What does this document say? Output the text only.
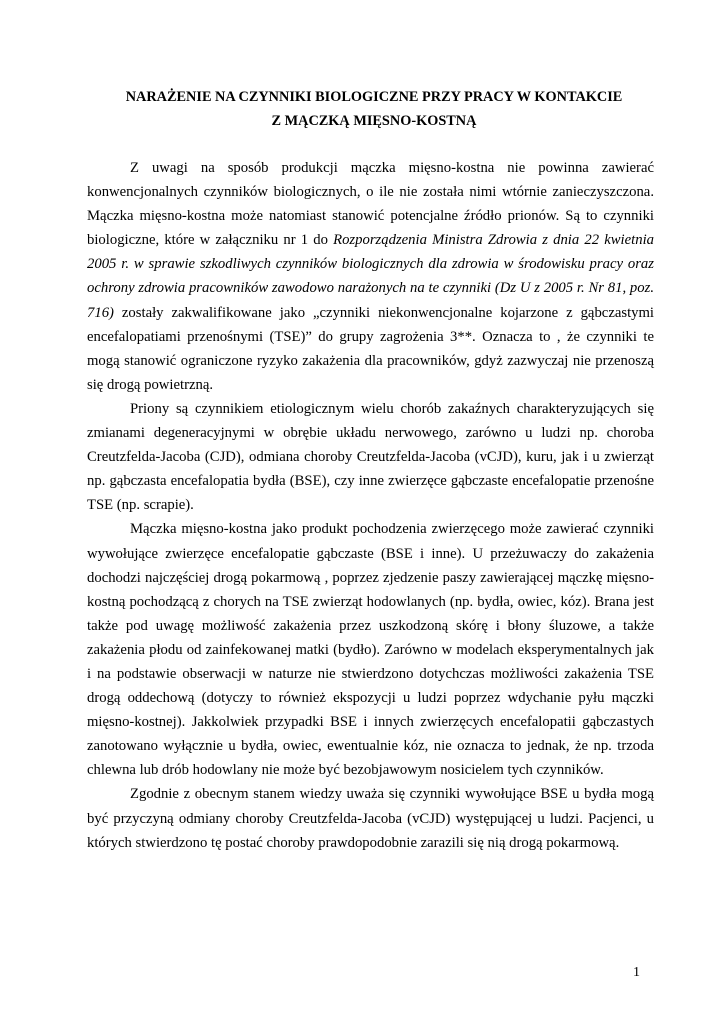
NARAŻENIE NA CZYNNIKI BIOLOGICZNE PRZY PRACY W KONTAKCIE
Z MĄCZKĄ MIĘSNO-KOSTNĄ

Z uwagi na sposób produkcji mączka mięsno-kostna nie powinna zawierać konwencjonalnych czynników biologicznych, o ile nie została nimi wtórnie zanieczyszczona. Mączka mięsno-kostna może natomiast stanowić potencjalne źródło prionów. Są to czynniki biologiczne, które w załączniku nr 1 do Rozporządzenia Ministra Zdrowia z dnia 22 kwietnia 2005 r. w sprawie szkodliwych czynników biologicznych dla zdrowia w środowisku pracy oraz ochrony zdrowia pracowników zawodowo narażonych na te czynniki (Dz U z 2005 r. Nr 81, poz. 716) zostały zakwalifikowane jako „czynniki niekonwencjonalne kojarzone z gąbczastymi encefalopatiami przenośnymi (TSE)” do grupy zagrożenia 3**. Oznacza to , że czynniki te mogą stanowić ograniczone ryzyko zakażenia dla pracowników, gdyż zazwyczaj nie przenoszą się drogą powietrzną.

Priony są czynnikiem etiologicznym wielu chorób zakaźnych charakteryzujących się zmianami degeneracyjnymi w obrębie układu nerwowego, zarówno u ludzi np. choroba Creutzfelda-Jacoba (CJD), odmiana choroby Creutzfelda-Jacoba (vCJD), kuru, jak i u zwierząt np. gąbczasta encefalopatia bydła (BSE), czy inne zwierzęce gąbczaste encefalopatie przenośne TSE (np. scrapie).

Mączka mięsno-kostna jako produkt pochodzenia zwierzęcego może zawierać czynniki wywołujące zwierzęce encefalopatie gąbczaste (BSE i inne). U przeżuwaczy do zakażenia dochodzi najczęściej drogą pokarmową , poprzez zjedzenie paszy zawierającej mączkę mięsno-kostną pochodzącą z chorych na TSE zwierząt hodowlanych (np. bydła, owiec, kóz). Brana jest także pod uwagę możliwość zakażenia przez uszkodzoną skórę i błony śluzowe, a także zakażenia płodu od zainfekowanej matki (bydło). Zarówno w modelach eksperymentalnych jak i na podstawie obserwacji w naturze nie stwierdzono dotychczas możliwości zakażenia TSE drogą oddechową (dotyczy to również ekspozycji u ludzi poprzez wdychanie pyłu mączki mięsno-kostnej). Jakkolwiek przypadki BSE i innych zwierzęcych encefalopatii gąbczastych zanotowano wyłącznie u bydła, owiec, ewentualnie kóz, nie oznacza to jednak, że np. trzoda chlewna lub drób hodowlany nie może być bezobjawowym nosicielem tych czynników.

Zgodnie z obecnym stanem wiedzy uważa się czynniki wywołujące BSE u bydła mogą być przyczyną odmiany choroby Creutzfelda-Jacoba (vCJD) występującej u ludzi. Pacjenci, u których stwierdzono tę postać choroby prawdopodobnie zarazili się nią drogą pokarmową.

1
